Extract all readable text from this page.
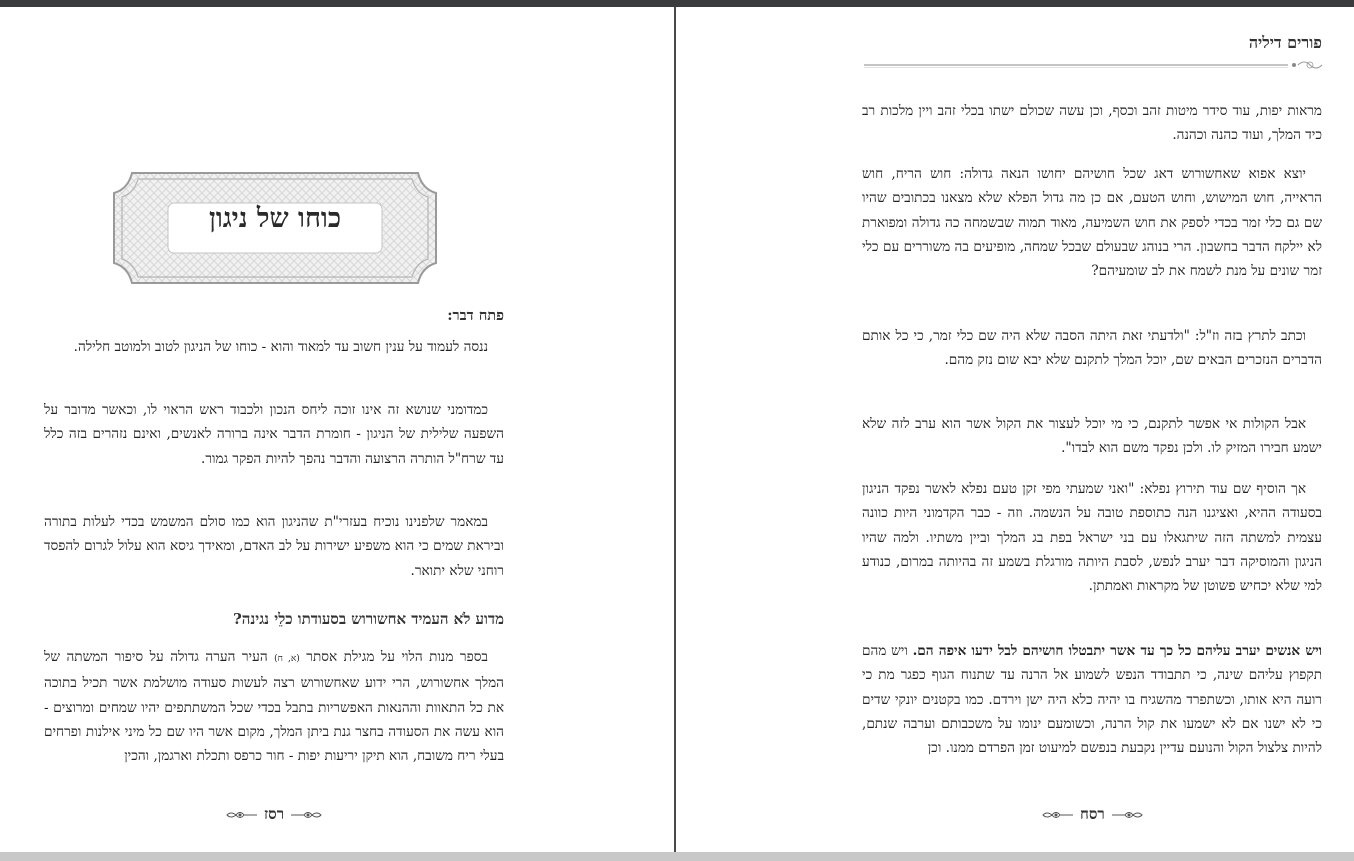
כוחו של ניגון
פתח דבר:

ננסה לעמוד על ענין חשוב עד למאוד והוא - כוחו של הניגון לטוב ולמוטב חלילה.

כמדומני שנושא זה אינו זוכה ליחס הנכון ולכבוד ראש הראוי לו, וכאשר מדובר על השפעה שלילית של הניגון - חומרת הדבר אינה ברורה לאנשים, ואינם נזהרים בזה כלל עד שרח"ל הותרה הרצועה והדבר נהפך להיות הפקר גמור.

במאמר שלפנינו נוכיח בעזרי"ת שהניגון הוא כמו סולם המשמש בכדי לעלות בתורה וביראת שמים כי הוא משפיע ישירות על לב האדם, ומאידך גיסא הוא עלול לגרום להפסד רוחני שלא יתואר.

מדוע לֹא העמיד אחשורוש בסעודתו כלֵי נגינה?

בספר מנות הלוי על מגילת אסתר (א, ח) העיר הערה גדולה על סיפור המשתה של המלך אחשורוש, הרי ידוע שאחשורוש רצה לעשות סעודה מושלמת אשר תכיל בתוכה את כל התאוות וההנאות האפשריות בתבל בכדי שכל המשתתפים יהיו שמחים ומרוצים - הוא עשה את הסעודה בחצר גנת ביתן המלך, מקום אשר היו שם כל מיני אילנות ופרחים בעלי ריח משובח, הוא תיקן יריעות יפות - חור כרפס ותכלת וארגמן, והכין

רסז
פורים דיליה

מראות יפות, עוד סידר מיטות זהב וכסף, וכן עשה שכולם ישתו בכלי זהב ויין מלכות רב כיד המלך, ועוד כהנה וכהנה.

יוצא אפוא שאחשורוש דאג שכל חושיהם יחושו הנאה גדולה: חוש הריח, חוש הראייה, חוש המישוש, וחוש הטעם, אם כן מה גדול הפלא שלא מצאנו בכתובים שהיו שם גם כלי זמר בכדי לספק את חוש השמיעה, מאוד תמוה שבשמחה כה גדולה ומפוארת לא יילקח הדבר בחשבון. הרי בנוהג שבעולם שבכל שמחה, מופיעים בה משוררים עם כלי זמר שונים על מנת לשמח את לב שומעיהם?

וכתב לתרץ בזה וז"ל: "ולדעתי זאת היתה הסבה שלא היה שם כלי זמר, כי כל אותם הדברים הנזכרים הבאים שם, יוכל המלך לתקנם שלא יבא שום נזק מהם.

אבל הקולות אי אפשר לתקנם, כי מי יוכל לעצור את הקול אשר הוא ערב לזה שלא ישמע חבירו המזיק לו. ולכן נפקד משם הוא לבדו".

אך הוסיף שם עוד תירוץ נפלא: "ואני שמעתי מפי זקן טעם נפלא לאשר נפקד הניגון בסעודה ההיא, ואציגנו הנה כתוספת טובה על הנשמה. וזה - כבר הקדמוני היות כוונה עצמית למשתה הזה שיתגאלו עם בני ישראל בפת בג המלך וביין משתיו. ולמה שהיו הניגון והמוסיקה דבר יערב לנפש, לסבת היותה מורגלת בשמע זה בהיותה במרום, כנודע למי שלא יכחיש פשוטן של מקראות ואמתתן.

ויש אנשים יערב עליהם כל כך עד אשר יתבטלו חושיהם לבל ידעו איפה הם. ויש מהם תקפוץ עליהם שינה, כי תתבודד הנפש לשמוע אל הרנה עד שתנוח הגוף כפגר מת כי רועה היא אותו, וכשתפרד מהשגיח בו יהיה כלא היה ישן וירדם. כמו בקטנים יונקי שדים כי לא ישנו אם לא ישמעו את קול הרנה, וכשומעם ינומו על משכבותם וערבה שנתם, להיות צלצול הקול והנועם עדיין נקבעת בנפשם למיעוט זמן הפרדם ממנו. וכן

רסח
